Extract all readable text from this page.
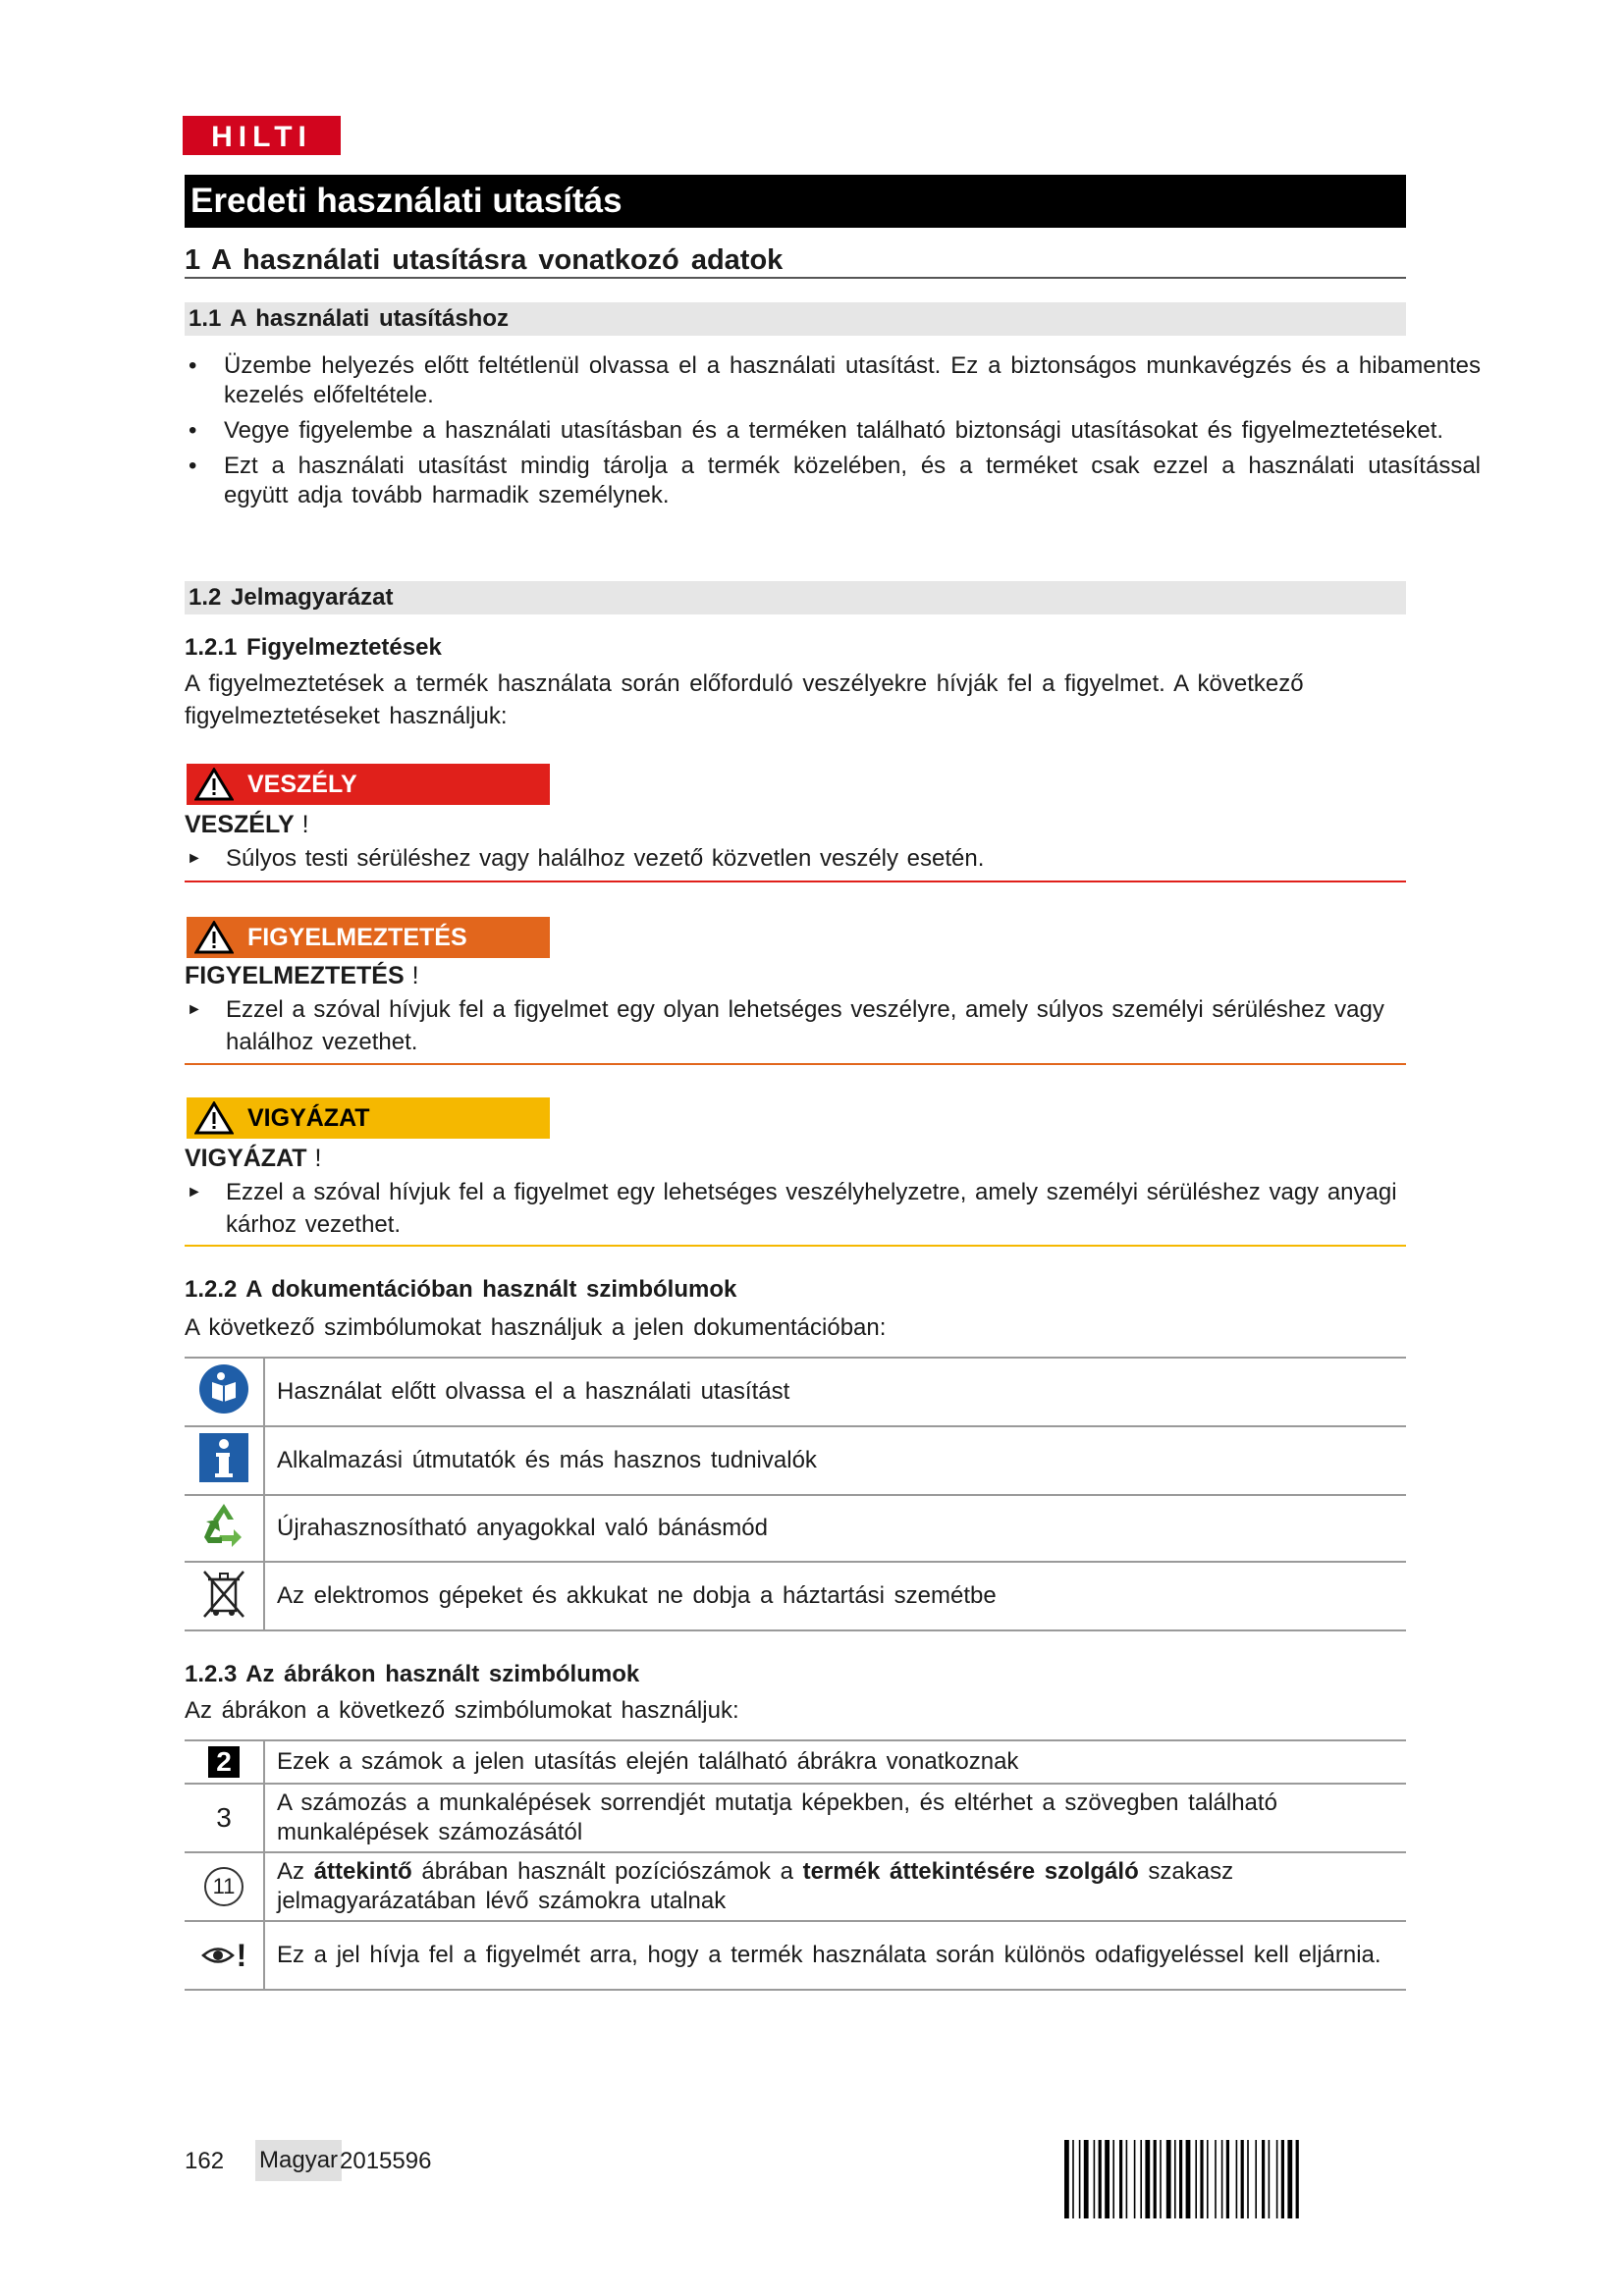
HILTI
Eredeti használati utasítás
1 A használati utasításra vonatkozó adatok
1.1 A használati utasításhoz
• Üzembe helyezés előtt feltétlenül olvassa el a használati utasítást. Ez a biztonságos munkavégzés és a hibamentes kezelés előfeltétele.
• Vegye figyelembe a használati utasításban és a terméken található biztonsági utasításokat és figyelmeztetéseket.
• Ezt a használati utasítást mindig tárolja a termék közelében, és a terméket csak ezzel a használati utasítással együtt adja tovább harmadik személynek.
1.2 Jelmagyarázat
1.2.1 Figyelmeztetések
A figyelmeztetések a termék használata során előforduló veszélyekre hívják fel a figyelmet. A következő figyelmeztetéseket használjuk:
VESZÉLY
VESZÉLY !
► Súlyos testi sérüléshez vagy halálhoz vezető közvetlen veszély esetén.
FIGYELMEZTETÉS
FIGYELMEZTETÉS !
► Ezzel a szóval hívjuk fel a figyelmet egy olyan lehetséges veszélyre, amely súlyos személyi sérüléshez vagy halálhoz vezethet.
VIGYÁZAT
VIGYÁZAT !
► Ezzel a szóval hívjuk fel a figyelmet egy lehetséges veszélyhelyzetre, amely személyi sérüléshez vagy anyagi kárhoz vezethet.
1.2.2 A dokumentációban használt szimbólumok
A következő szimbólumokat használjuk a jelen dokumentációban:
	Használat előtt olvassa el a használati utasítást
	Alkalmazási útmutatók és más hasznos tudnivalók
	Újrahasznosítható anyagokkal való bánásmód
	Az elektromos gépeket és akkukat ne dobja a háztartási szemétbe
1.2.3 Az ábrákon használt szimbólumok
Az ábrákon a következő szimbólumokat használjuk:
2	Ezek a számok a jelen utasítás elején található ábrákra vonatkoznak
3	A számozás a munkalépések sorrendjét mutatja képekben, és eltérhet a szövegben található munkalépések számozásától
11	Az áttekintő ábrában használt pozíciószámok a termék áttekintésére szolgáló szakasz jelmagyarázatában lévő számokra utalnak

!	Ez a jel hívja fel a figyelmét arra, hogy a termék használata során különös odafigyeléssel kell eljárnia.
162 Magyar 2015596
